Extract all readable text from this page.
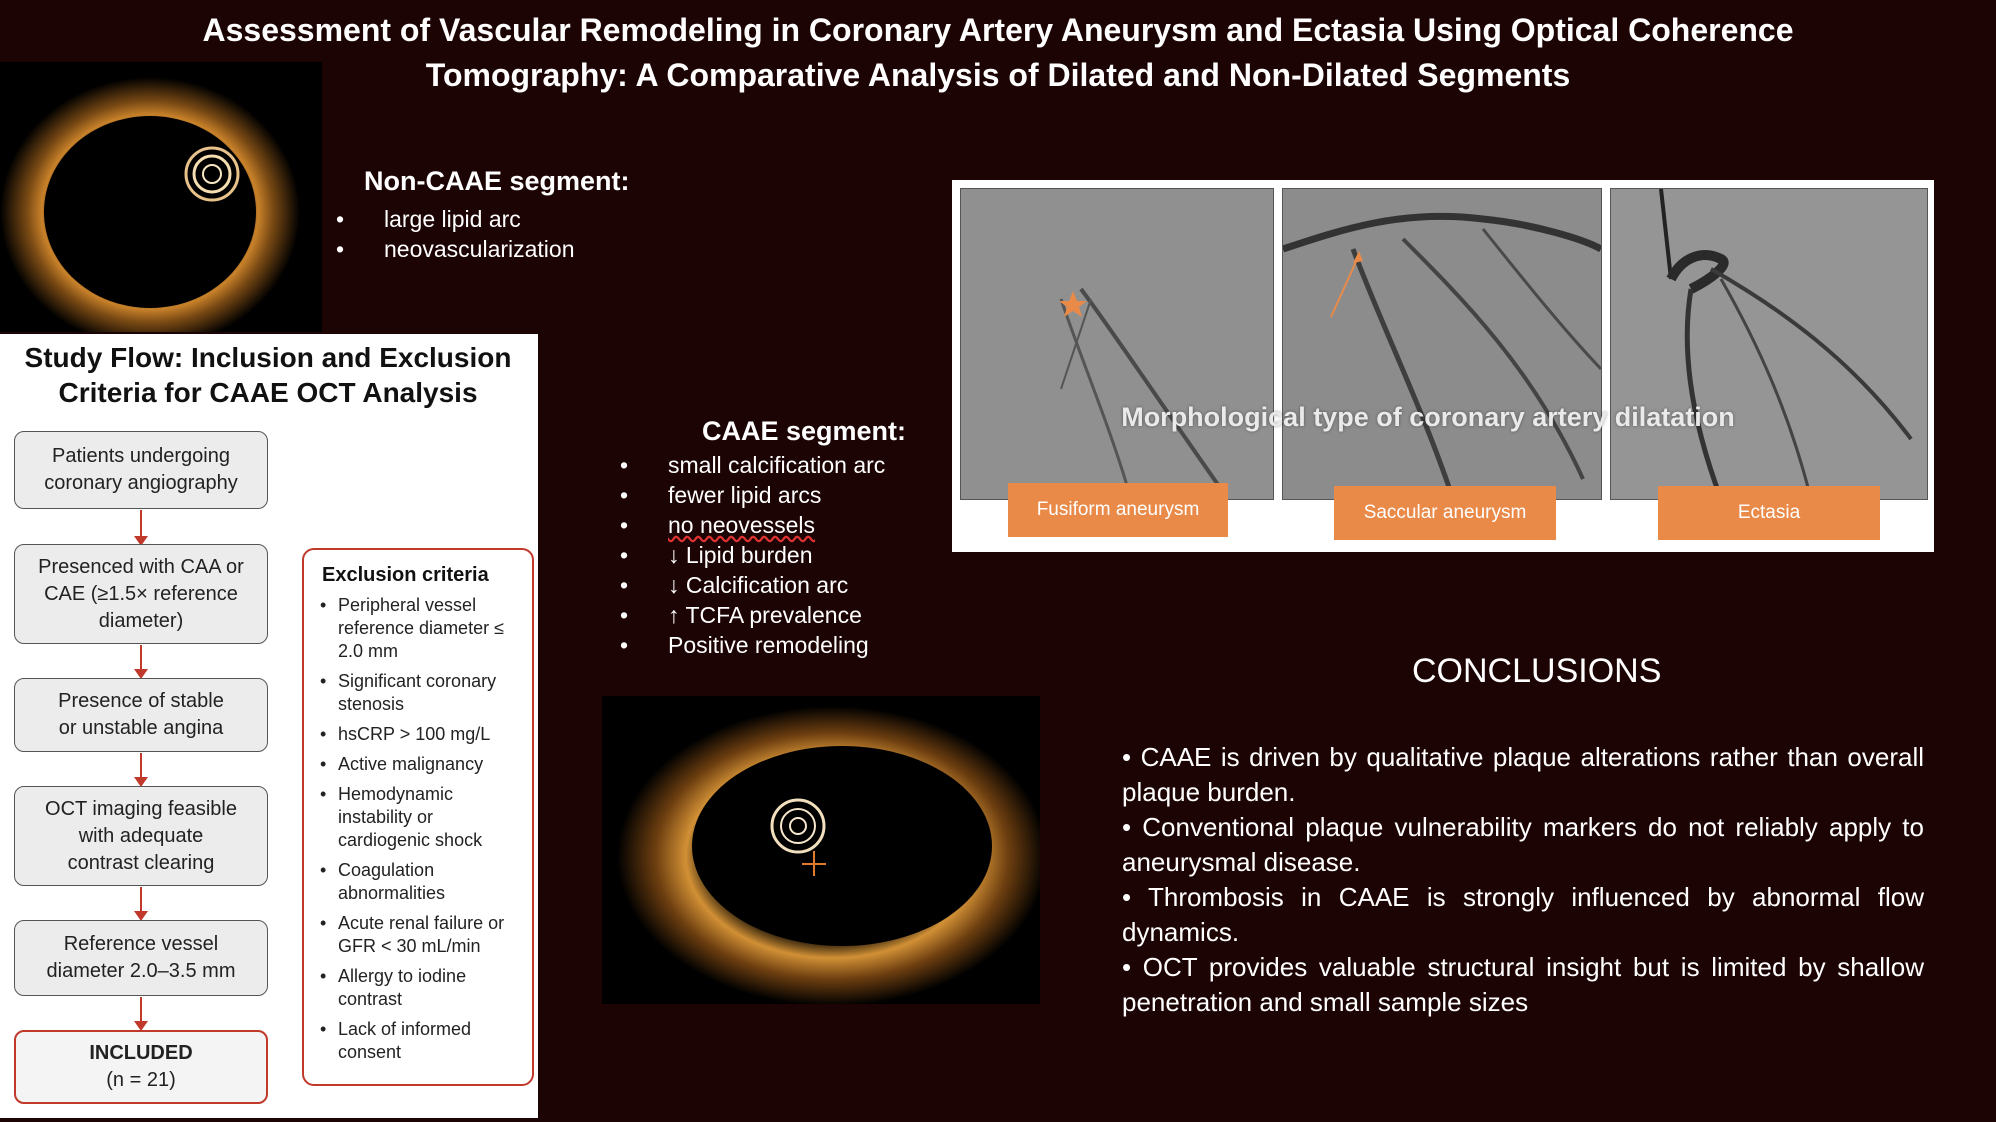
Assessment of Vascular Remodeling in Coronary Artery Aneurysm and Ectasia Using Optical Coherence Tomography: A Comparative Analysis of Dilated and Non-Dilated Segments
Non-CAAE segment:
• large lipid arc
• neovascularization
Study Flow: Inclusion and Exclusion Criteria for CAAE OCT Analysis
Patients undergoing
coronary angiography
Presenced with CAA or
CAE (≥1.5× reference
diameter)
Presence of stable
or unstable angina
OCT imaging feasible
with adequate
contrast clearing
Reference vessel
diameter 2.0–3.5 mm
INCLUDED
(n = 21)
Exclusion criteria
• Peripheral vessel reference diameter ≤ 2.0 mm
• Significant coronary stenosis
• hsCRP > 100 mg/L
• Active malignancy
• Hemodynamic instability or cardiogenic shock
• Coagulation abnormalities
• Acute renal failure or GFR < 30 mL/min
• Allergy to iodine contrast
• Lack of informed consent
CAAE segment:
• small calcification arc
• fewer lipid arcs
• no neovessels
• ↓ Lipid burden
• ↓ Calcification arc
• ↑ TCFA prevalence
• Positive remodeling
Fusiform aneurysm	Saccular aneurysm	Ectasia
Morphological type of coronary artery dilatation
CONCLUSIONS

• CAAE is driven by qualitative plaque alterations rather than overall plaque burden.

• Conventional plaque vulnerability markers do not reliably apply to aneurysmal disease.

• Thrombosis in CAAE is strongly influenced by abnormal flow dynamics.

• OCT provides valuable structural insight but is limited by shallow penetration and small sample sizes
